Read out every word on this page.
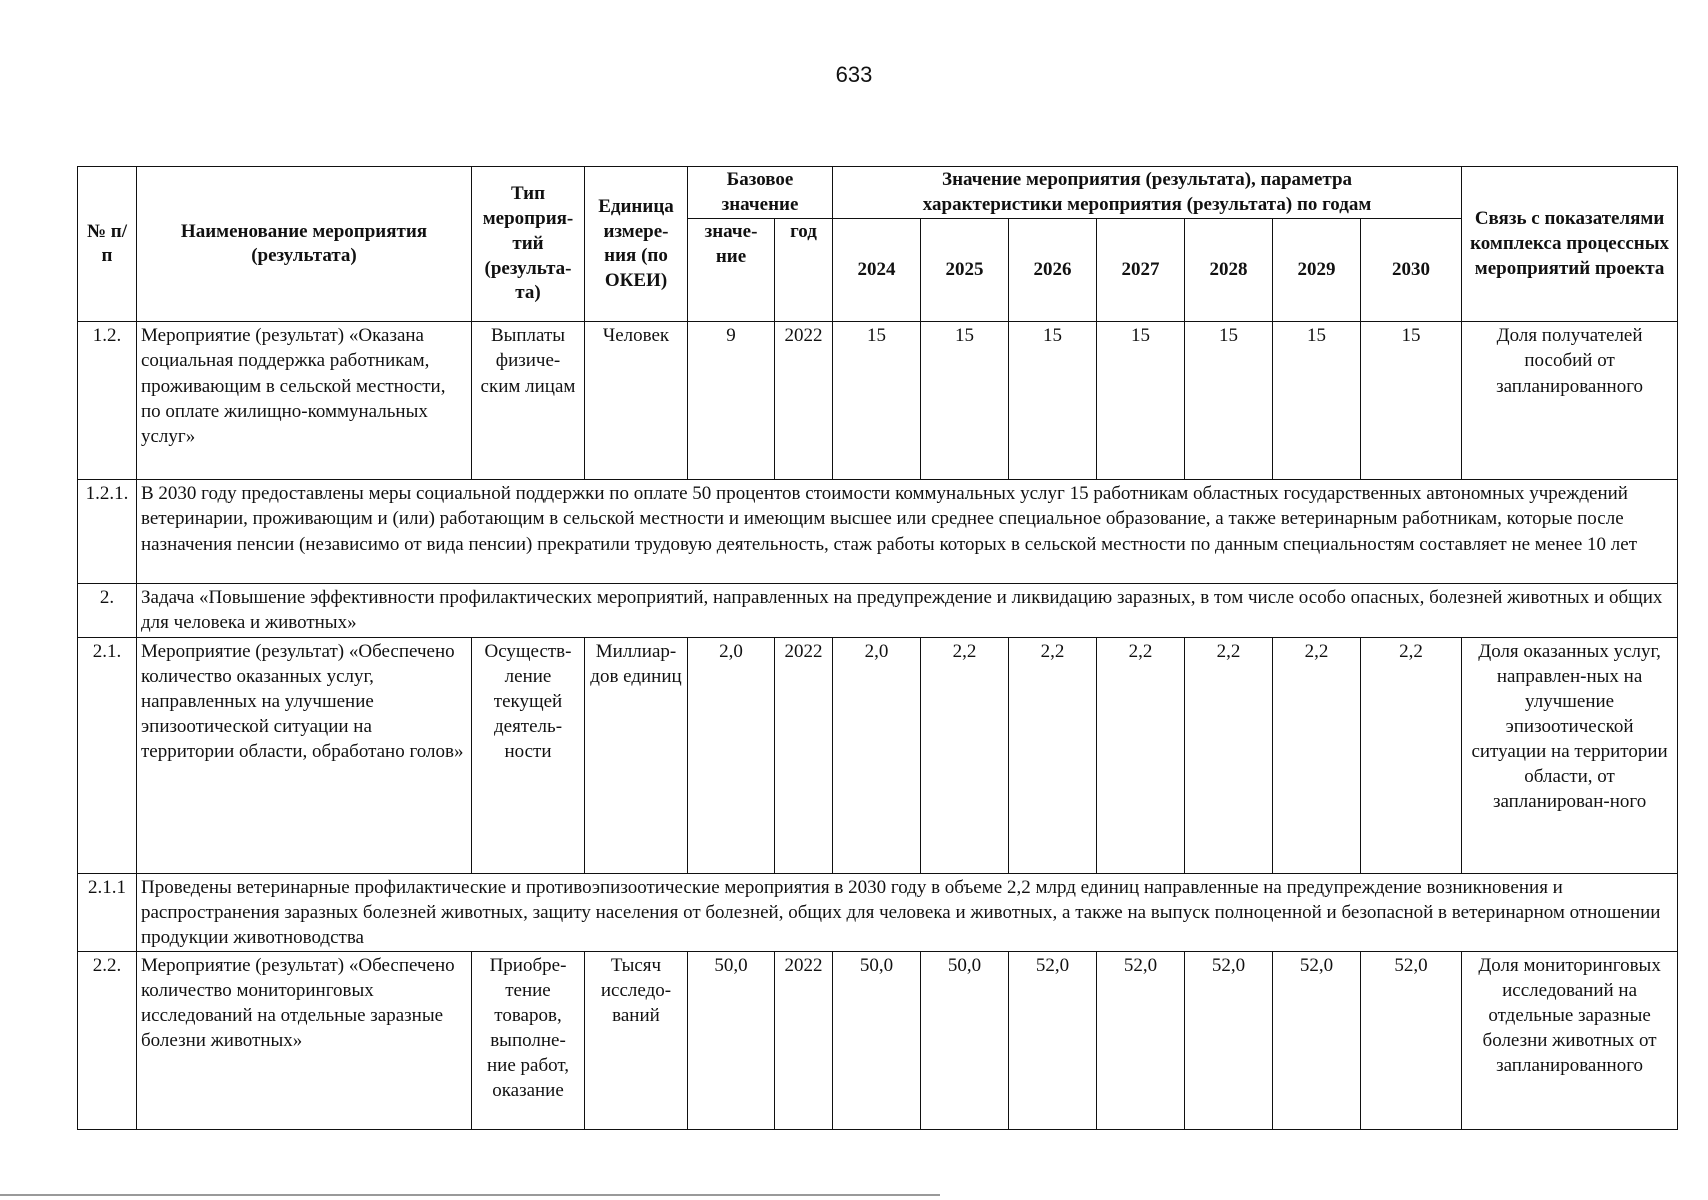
633
№ п/п	Наименование мероприятия (результата)	Тип мероприя-тий (результа-та)	Единица измере-ния (по ОКЕИ)	Базовое значение		Значение мероприятия (результата), параметра характеристики мероприятия (результата) по годам							Связь с показателями комплекса процессных мероприятий проекта
				значе-ние	год	2024	2025	2026	2027	2028	2029	2030	
1.2.	Мероприятие (результат) «Оказана социальная поддержка работникам, проживающим в сельской местности, по оплате жилищно-коммунальных услуг»	Выплаты физиче-ским лицам	Человек	9	2022	15	15	15	15	15	15	15	Доля получателей пособий от запланированного
1.2.1.	В 2030 году предоставлены меры социальной поддержки по оплате 50 процентов стоимости коммунальных услуг 15 работникам областных государственных автономных учреждений ветеринарии, проживающим и (или) работающим в сельской местности и имеющим высшее или среднее специальное образование, а также ветеринарным работникам, которые после назначения пенсии (независимо от вида пенсии) прекратили трудовую деятельность, стаж работы которых в сельской местности по данным специальностям составляет не менее 10 лет												
2.	Задача «Повышение эффективности профилактических мероприятий, направленных на предупреждение и ликвидацию заразных, в том числе особо опасных, болезней животных и общих для человека и животных»												
2.1.	Мероприятие (результат) «Обеспечено количество оказанных услуг, направленных на улучшение эпизоотической ситуации на территории области, обработано голов»	Осуществ-ление текущей деятель-ности	Миллиар-дов единиц	2,0	2022	2,0	2,2	2,2	2,2	2,2	2,2	2,2	Доля оказанных услуг, направлен-ных на улучшение эпизоотической ситуации на территории области, от запланирован-ного
2.1.1	Проведены ветеринарные профилактические и противоэпизоотические мероприятия в 2030 году в объеме 2,2 млрд единиц направленные на предупреждение возникновения и распространения заразных болезней животных, защиту населения от болезней, общих для человека и животных, а также на выпуск полноценной и безопасной в ветеринарном отношении продукции животноводства												
2.2.	Мероприятие (результат) «Обеспечено количество мониторинговых исследований на отдельные заразные болезни животных»	Приобре-тение товаров, выполне-ние работ, оказание	Тысяч исследо-ваний	50,0	2022	50,0	50,0	52,0	52,0	52,0	52,0	52,0	Доля мониторинговых исследований на отдельные заразные болезни животных от запланированного
